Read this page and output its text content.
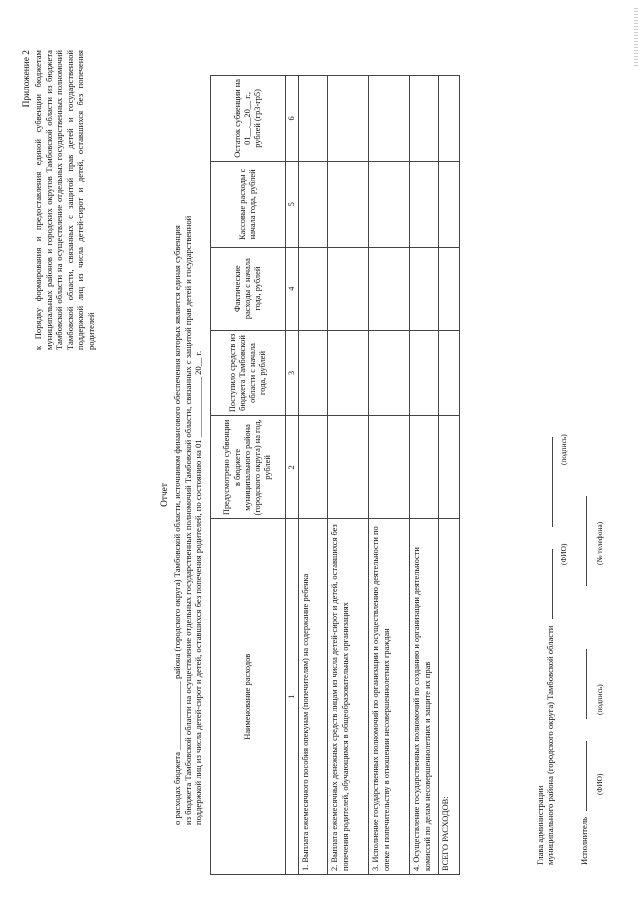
Приложение 2 к Порядку формирования и предоставления единой субвенции бюджетам муниципальных районов и городских округов Тамбовской области из бюджета Тамбовской области на осуществление отдельных государственных полномочий Тамбовской области, связанных с защитой прав детей и государственной поддержкой лиц из числа детей-сирот и детей, оставшихся без попечения родителей
Отчет о расходах бюджета ________________ района (городского округа) Тамбовской области, источником финансового обеспечения которых является единая субвенция из бюджета Тамбовской области на осуществление отдельных государственных полномочий Тамбовской области, связанных с защитой прав детей и государственной поддержкой лиц из числа детей-сирот и детей, оставшихся без попечения родителей, по состоянию на 01 ______________ 20__ г.	Наименование расходов	Предусмотрено субвенции в бюджете муниципального района (городского округа) на год, рублей	Поступило средств из бюджета Тамбовской области с начала года, рублей	Фактические расходы с начала года, рублей	Кассовые расходы с начала года, рублей	Остаток субвенции на 01__.__20__ г., рублей (гр3-гр5)
1	2	3	4	5	6
1. Выплата ежемесячного пособия опекунам (попечителям) на содержание ребенка					
2. Выплата ежемесячных денежных средств лицам из числа детей-сирот и детей, оставшихся без попечения родителей, обучающимся в общеобразовательных организациях					
3. Исполнение государственных полномочий по организации и осуществлению деятельности по опеке и попечительству в отношении несовершеннолетних граждан					
4. Осуществление государственных полномочий по созданию и организации деятельности комиссий по делам несовершеннолетних и защите их прав					
ВСЕГО РАСХОДОВ:						Глава администрации муниципального района (городского округа) Тамбовской области
(ФИО)
(подпись)
Исполнитель
(ФИО)
(подпись)
(№ телефона)
